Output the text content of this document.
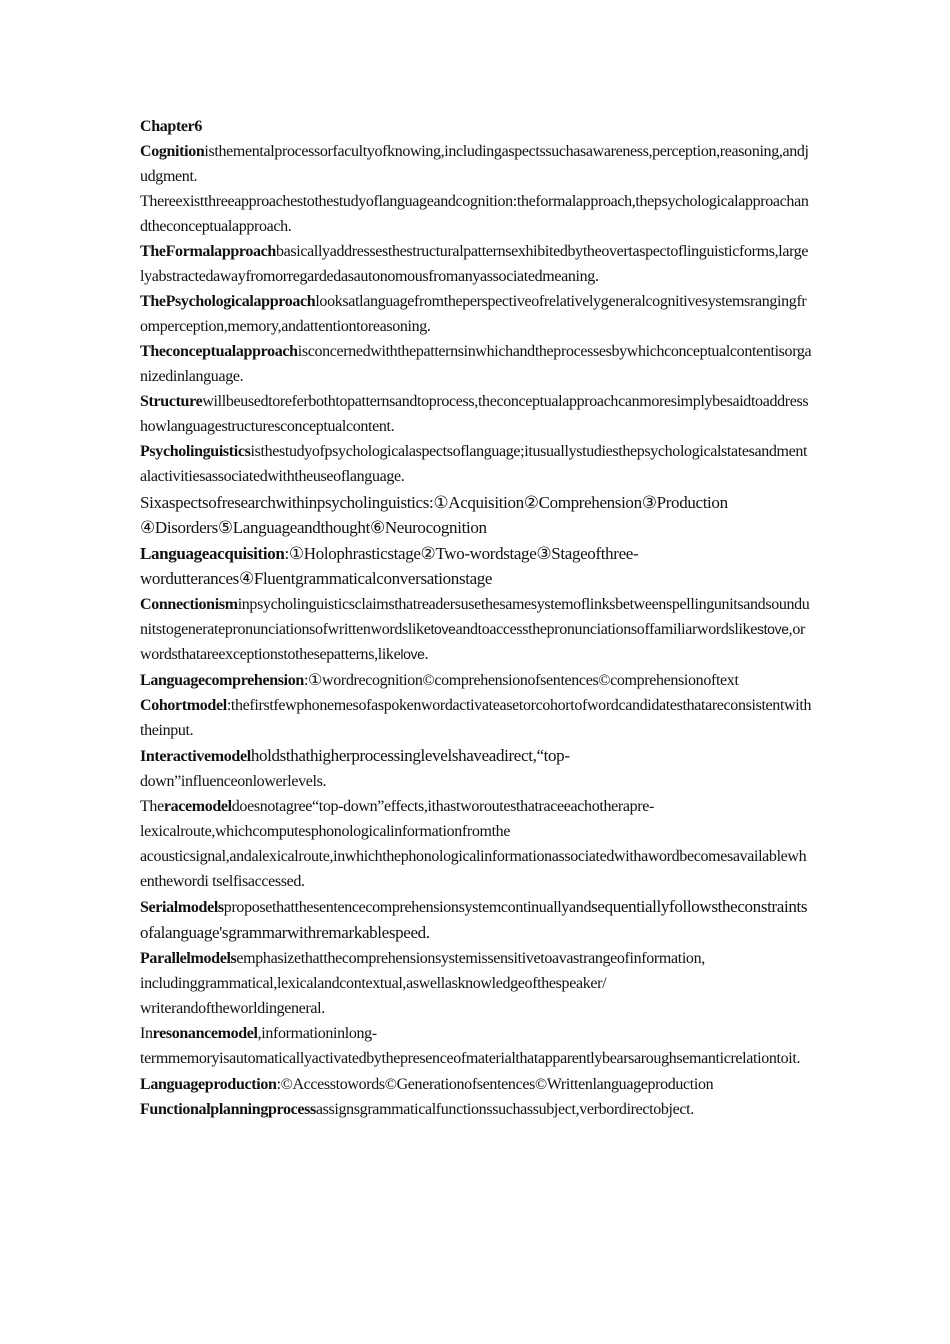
Chapter6

Cognitionisthementalprocessorfacultyofknowing,includingaspectssuchasawareness,perception,reasoning,andjudgment.

Thereexistthreeapproachestothestudyoflanguageandcognition:theformalapproach,thepsychologicalapproachandtheconceptualapproach.

TheFormalapproachbasicallyaddressesthestructuralpatternsexhibitedbytheovertaspectoflinguisticforms,largelyabstractedawayfromorregardedasautonomousfromanyassociatedmeaning.

ThePsychologicalapproachlooksatlanguagefromtheperspectiveofrelativelygeneralcognitivesystemsrangingfromperception,memory,andattentiontoreasoning.

Theconceptualapproachisconcernedwiththepatternsinwhichandtheprocessesbywhichconceptualcontentisorganizedinlanguage.

Structurewillbeusedtoreferbothtopatternsandtoprocess,theconceptualapproachcanmoresimplybesaidtoaddresshowlanguagestructuresconceptualcontent.

Psycholinguisticsisthestudyofpsychologicalaspectsoflanguage;itusuallystudiesthepsychologicalstatesandmentalactivitiesassociatedwiththeuseoflanguage.

Sixaspectsofresearchwithinpsycholinguistics:①Acquisition②Comprehension③Production
④Disorders⑤Languageandthought⑥Neurocognition

Languageacquisition:①Holophrasticstage②Two-wordstage③Stageofthree-
wordutterances④Fluentgrammaticalconversationstage

Connectionisminpsycholinguisticsclaimsthatreadersusethesamesystemoflinksbetweenspellingunitsandsoundunitstogeneratepronunciationsofwrittenwordsliketoveandtoaccessthepronunciationsoffamiliarwordslikestove,orwordsthatareexceptionstothesepatterns,likelove.

Languagecomprehension:①wordrecognition©comprehensionofsentences©comprehensionoftext

Cohortmodel:thefirstfewphonemesofaspokenwordactivateasetorcohortofwordcandidatesthatareconsistentwiththeinput.

Interactivemodelholdsthathigherprocessinglevelshaveadirect,“top-
down”influenceonlowerlevels.

Theracemodeldoesnotagree“top-down”effects,ithastworoutesthatraceeachotherapre-
lexicalroute,whichcomputesphonologicalinformationfromthe
acousticsignal,andalexicalroute,inwhichthephonologicalinformationassociatedwithawordbecomesavailablewhenthewordi tselfisaccessed.

Serialmodelsproposethatthesentencecomprehensionsystemcontinuallyandsequentiallyfollowstheconstraintsofalanguage'sgrammarwithremarkablespeed.

Parallelmodelsemphasizethatthecomprehensionsystemissensitivetoavastrangeofinformation,
includinggrammatical,lexicalandcontextual,aswellasknowledgeofthespeaker/
writerandoftheworldingeneral.

Inresonancemodel,informationinlong-
termmemoryisautomaticallyactivatedbythepresenceofmaterialthatapparentlybearsaroughsemanticrelationtoit.

Languageproduction:©Accesstowords©Generationofsentences©Writtenlanguageproduction

Functionalplanningprocessassignsgrammaticalfunctionssuchassubject,verbordirectobject.
